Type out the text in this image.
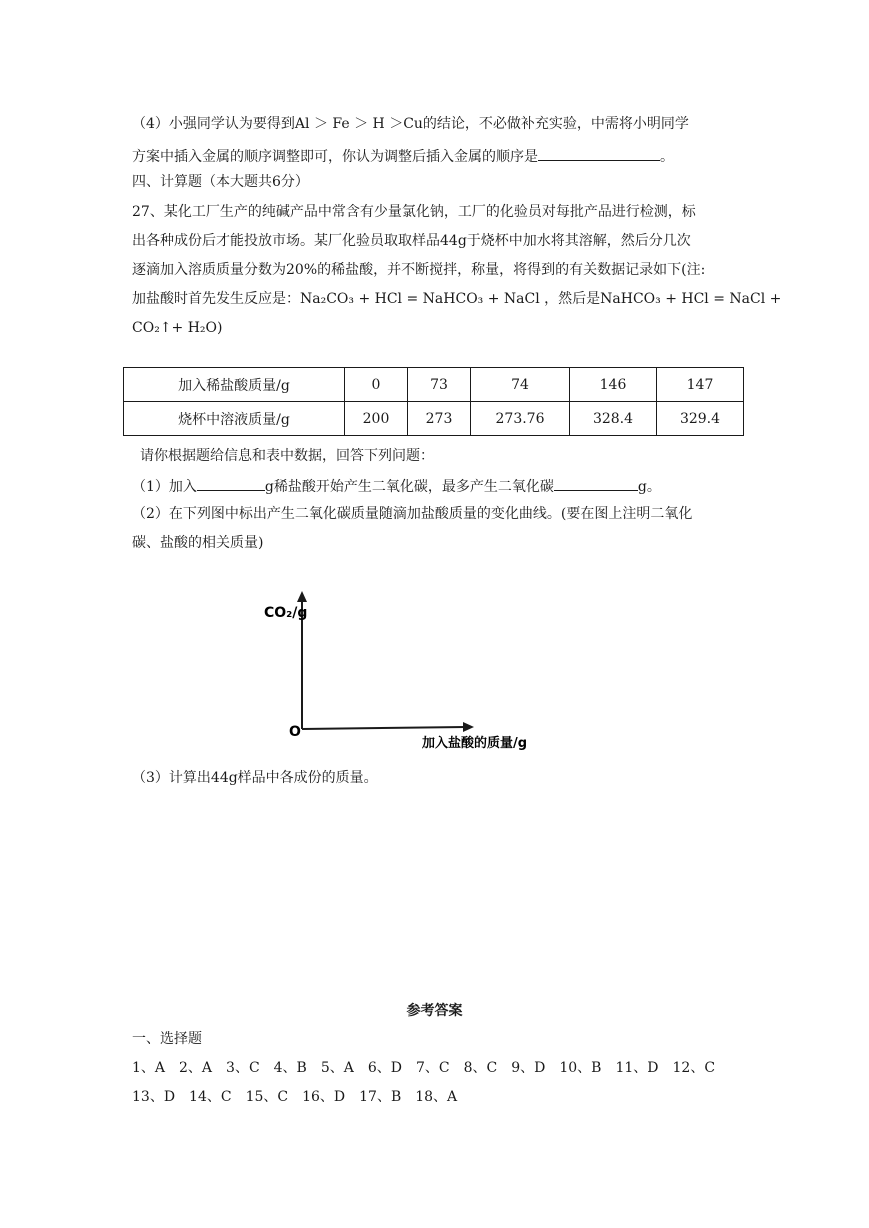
（4）小强同学认为要得到Al ＞ Fe ＞ H ＞Cu的结论，不必做补充实验，中需将小明同学
方案中插入金属的顺序调整即可，你认为调整后插入金属的顺序是	。
四、计算题（本大题共6分）
27、某化工厂生产的纯碱产品中常含有少量氯化钠，工厂的化验员对每批产品进行检测，标
出各种成份后才能投放市场。某厂化验员取取样品44g于烧杯中加水将其溶解，然后分几次
逐滴加入溶质质量分数为20%的稀盐酸，并不断搅拌，称量，将得到的有关数据记录如下(注:
加盐酸时首先发生反应是：Na₂CO₃ + HCl = NaHCO₃ + NaCl ，然后是NaHCO₃ + HCl = NaCl +
CO₂↑+ H₂O)
加入稀盐酸质量/g	0	73	74	146	147
烧杯中溶液质量/g	200	273	273.76	328.4	329.4
请你根据题给信息和表中数据，回答下列问题：
（1）加入	g稀盐酸开始产生二氧化碳，最多产生二氧化碳	g。
（2）在下列图中标出产生二氧化碳质量随滴加盐酸质量的变化曲线。(要在图上注明二氧化
碳、盐酸的相关质量)
CO₂/g
O
加入盐酸的质量/g
（3）计算出44g样品中各成份的质量。
参考答案
一、选择题
1、A　2、A　3、C　4、B　5、A　6、D　7、C　8、C　9、D　10、B　11、D　12、C
13、D　14、C　15、C　16、D　17、B　18、A
